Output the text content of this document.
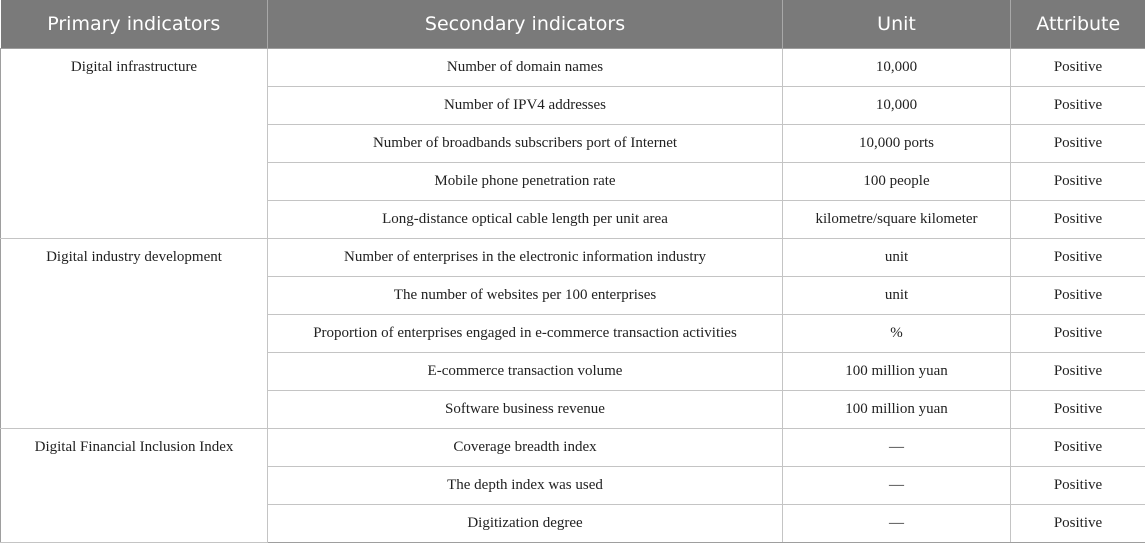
Primary indicators	Secondary indicators	Unit	Attribute
Digital infrastructure	Number of domain names	10,000	Positive
	Number of IPV4 addresses	10,000	Positive
	Number of broadbands subscribers port of Internet	10,000 ports	Positive
	Mobile phone penetration rate	100 people	Positive
	Long-distance optical cable length per unit area	kilometre/square kilometer	Positive
Digital industry development	Number of enterprises in the electronic information industry	unit	Positive
	The number of websites per 100 enterprises	unit	Positive
	Proportion of enterprises engaged in e-commerce transaction activities	%	Positive
	E-commerce transaction volume	100 million yuan	Positive
	Software business revenue	100 million yuan	Positive
Digital Financial Inclusion Index	Coverage breadth index	—	Positive
	The depth index was used	—	Positive
	Digitization degree	—	Positive
